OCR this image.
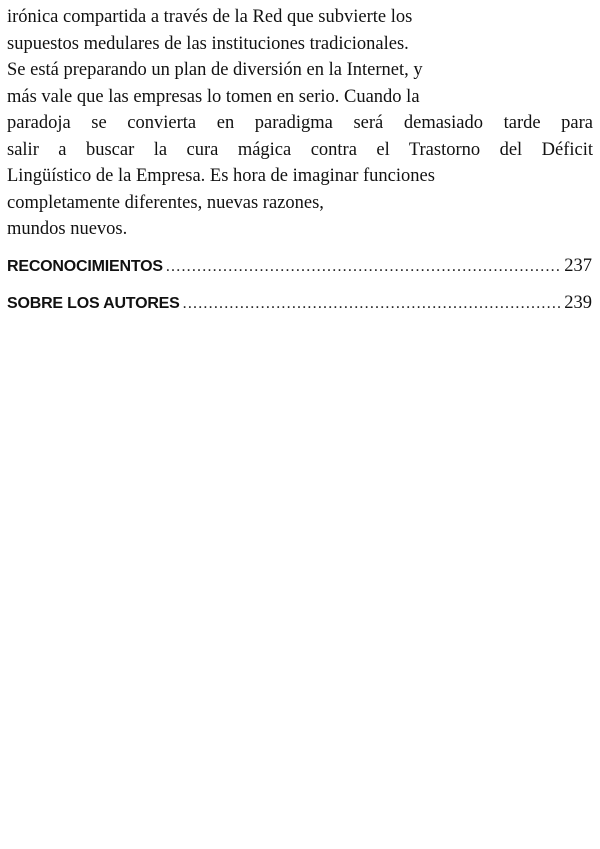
irónica compartida a través de la Red que subvierte los
supuestos medulares de las instituciones tradicionales.
Se está preparando un plan de diversión en la Internet, y
más vale que las empresas lo tomen en serio. Cuando la
paradoja se convierta en paradigma será demasiado tarde para
salir a buscar la cura mágica contra el Trastorno del Déficit
Lingüístico de la Empresa. Es hora de imaginar funciones
completamente diferentes, nuevas razones,
mundos nuevos.

RECONOCIMIENTOS .....	237
SOBRE LOS AUTORES .....	239
